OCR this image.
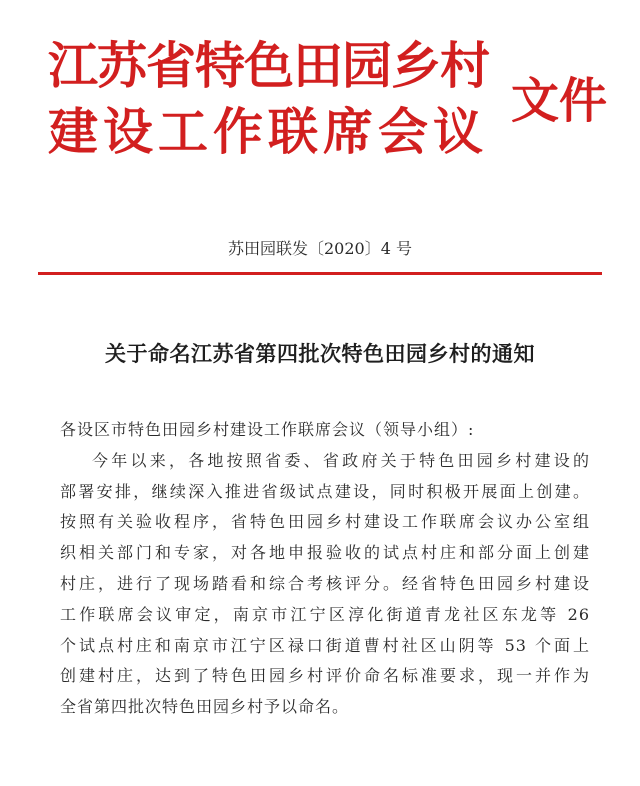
江苏省特色田园乡村
建设工作联席会议
文件
苏田园联发〔2020〕4 号
关于命名江苏省第四批次特色田园乡村的通知
各设区市特色田园乡村建设工作联席会议（领导小组）:
今年以来，各地按照省委、省政府关于特色田园乡村建设的
部署安排，继续深入推进省级试点建设，同时积极开展面上创建。
按照有关验收程序，省特色田园乡村建设工作联席会议办公室组
织相关部门和专家，对各地申报验收的试点村庄和部分面上创建
村庄，进行了现场踏看和综合考核评分。经省特色田园乡村建设
工作联席会议审定，南京市江宁区淳化街道青龙社区东龙等 26
个试点村庄和南京市江宁区禄口街道曹村社区山阴等 53 个面上
创建村庄，达到了特色田园乡村评价命名标准要求，现一并作为
全省第四批次特色田园乡村予以命名。
